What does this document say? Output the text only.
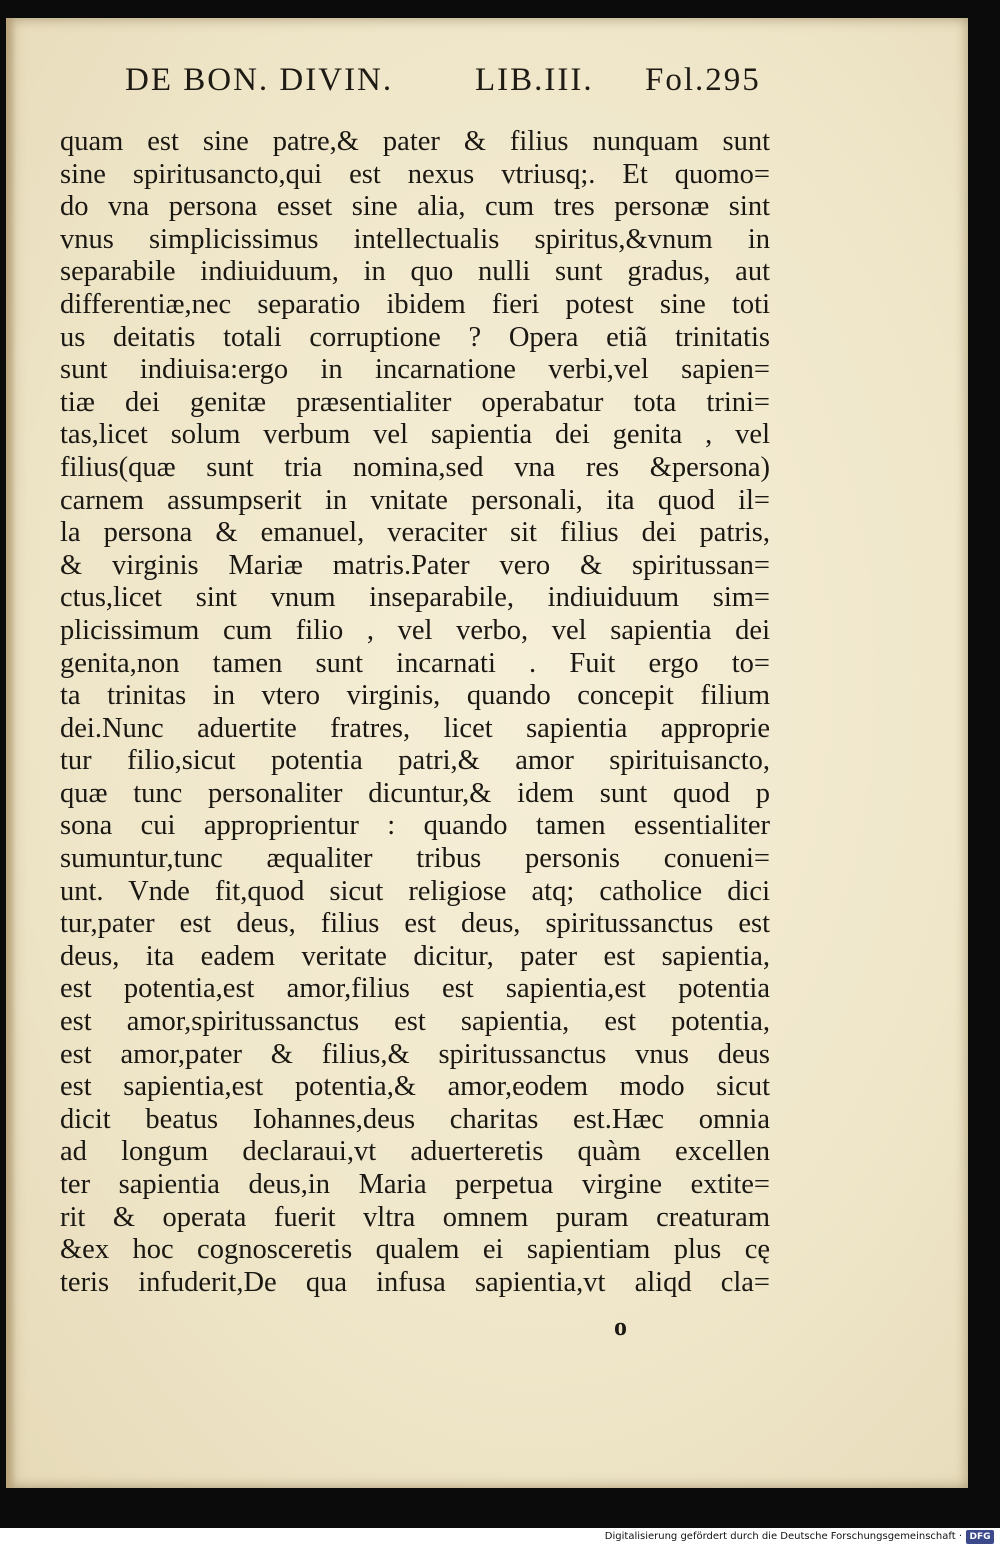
DE BON. DIVIN. LIB.III. Fol.295
quam est sine patre,& pater & filius nunquam sunt
sine spiritusancto,qui est nexus vtriusq;. Et quomo=
do vna persona esset sine alia, cum tres personæ sint
vnus simplicissimus intellectualis spiritus,&vnum in
separabile indiuiduum, in quo nulli sunt gradus, aut
differentiæ,nec separatio ibidem fieri potest sine toti
us deitatis totali corruptione ? Opera etiã trinitatis
sunt indiuisa:ergo in incarnatione verbi,vel sapien=
tiæ dei genitæ præsentialiter operabatur tota trini=
tas,licet solum verbum vel sapientia dei genita , vel
filius(quæ sunt tria nomina,sed vna res &persona)
carnem assumpserit in vnitate personali, ita quod il=
la persona & emanuel, veraciter sit filius dei patris,
& virginis Mariæ matris.Pater vero & spiritussan=
ctus,licet sint vnum inseparabile, indiuiduum sim=
plicissimum cum filio , vel verbo, vel sapientia dei
genita,non tamen sunt incarnati . Fuit ergo to=
ta trinitas in vtero virginis, quando concepit filium
dei.Nunc aduertite fratres, licet sapientia approprie
tur filio,sicut potentia patri,& amor spirituisancto,
quæ tunc personaliter dicuntur,& idem sunt quod p
sona cui approprientur : quando tamen essentialiter
sumuntur,tunc æqualiter tribus personis conueni=
unt. Vnde fit,quod sicut religiose atq; catholice dici
tur,pater est deus, filius est deus, spiritussanctus est
deus, ita eadem veritate dicitur, pater est sapientia,
est potentia,est amor,filius est sapientia,est potentia
est amor,spiritussanctus est sapientia, est potentia,
est amor,pater & filius,& spiritussanctus vnus deus
est sapientia,est potentia,& amor,eodem modo sicut
dicit beatus Iohannes,deus charitas est.Hæc omnia
ad longum declaraui,vt aduerteretis quàm excellen
ter sapientia deus,in Maria perpetua virgine extite=
rit & operata fuerit vltra omnem puram creaturam
&ex hoc cognosceretis qualem ei sapientiam plus cę
teris infuderit,De qua infusa sapientia,vt aliqd cla=
o
Digitalisierung gefördert durch die Deutsche Forschungsgemeinschaft · DFG
